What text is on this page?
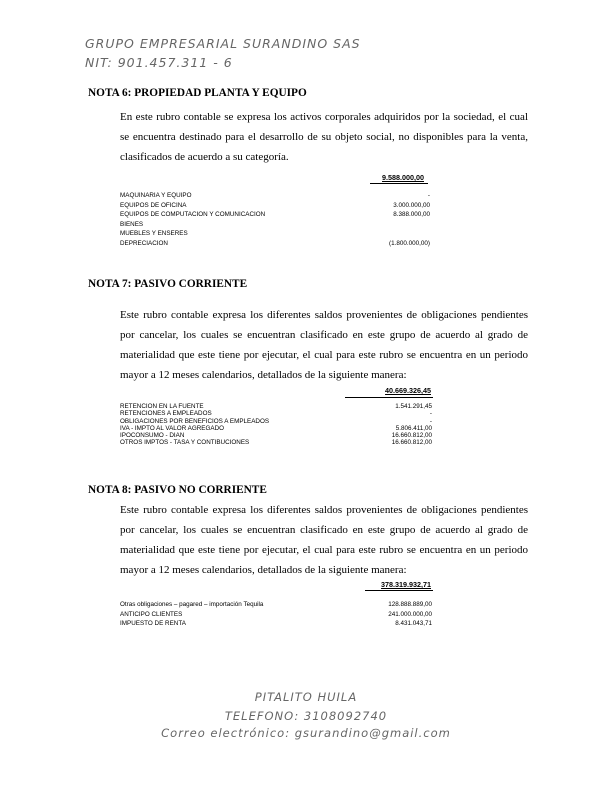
GRUPO EMPRESARIAL SURANDINO SAS
NIT: 901.457.311 - 6
NOTA 6: PROPIEDAD PLANTA Y EQUIPO
En este rubro contable se expresa los activos corporales adquiridos por la sociedad, el cual se encuentra destinado para el desarrollo de su objeto social, no disponibles para la venta, clasificados de acuerdo a su categoría.
9.588.000,00
MAQUINARIA Y EQUIPO	-
EQUIPOS DE OFICINA	3.000.000,00
EQUIPOS DE COMPUTACION Y COMUNICACION	8.388.000,00
BIENES
MUEBLES Y ENSERES
DEPRECIACION	(1.800.000,00)
NOTA 7: PASIVO CORRIENTE
Este rubro contable expresa los diferentes saldos provenientes de obligaciones pendientes por cancelar, los cuales se encuentran clasificado en este grupo de acuerdo al grado de materialidad que este tiene por ejecutar, el cual para este rubro se encuentra en un periodo mayor a 12 meses calendarios, detallados de la siguiente manera:
40.669.326,45
RETENCION EN LA FUENTE	1.541.291,45
RETENCIONES A EMPLEADOS	-
OBLIGACIONES POR BENEFICIOS A EMPLEADOS	-
IVA - IMPTO AL VALOR AGREGADO	5.806.411,00
IPOCONSUMO - DIAN	16.660.812,00
OTROS IMPTOS - TASA Y CONTIBUCIONES	16.660.812,00
NOTA 8: PASIVO NO CORRIENTE
Este rubro contable expresa los diferentes saldos provenientes de obligaciones pendientes por cancelar, los cuales se encuentran clasificado en este grupo de acuerdo al grado de materialidad que este tiene por ejecutar, el cual para este rubro se encuentra en un periodo mayor a 12 meses calendarios, detallados de la siguiente manera:
378.319.932,71
Otras obligaciones – pagared – importación Tequila	128.888.889,00
ANTICIPO CLIENTES	241.000.000,00
IMPUESTO DE RENTA	8.431.043,71
PITALITO HUILA
TELEFONO: 3108092740
Correo electrónico: gsurandino@gmail.com
